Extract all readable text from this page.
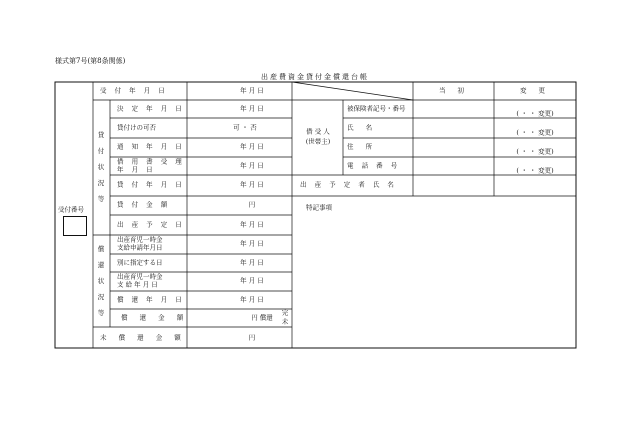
様式第7号(第8条関係)
出産費資金貸付金償還台帳
受付番号
貸付状況等
償還状況等
受 付 年 月 日
決 定 年 月 日
貸付けの可否
通 知 年 月 日
借 用 書 受 理
年 月 日
貸 付 年 月 日
貸 付 金 額
出 産 予 定 日
出産育児一時金
支給申請年月日
別に指定する日
出産育児一時金
支 給 年 月 日
償 還 年 月 日
償 還 金 額
未 償 還 金 額
年 月 日
年 月 日
可 ・ 否
年 月 日
年 月 日
年 月 日
円
年 月 日
年 月 日
年 月 日
年 月 日
年 月 日
円 償還
完
未
円
借 受 人
(世帯主)
被保険者記号・番号
氏 名
住 所
電 話 番 号
出 産 予 定 者 氏 名
特記事項
当 初	変 更
( ・ ・ 変更)
( ・ ・ 変更)
( ・ ・ 変更)
( ・ ・ 変更)
